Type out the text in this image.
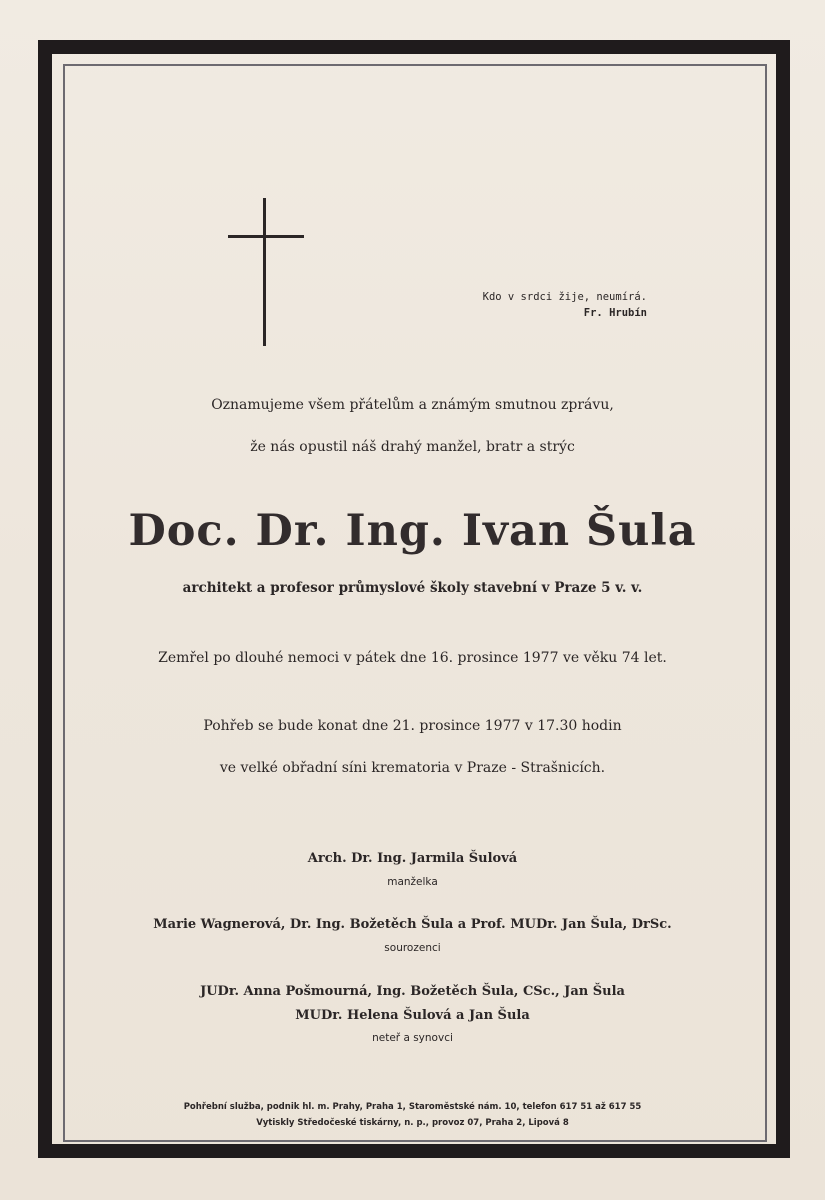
Kdo v srdci žije, neumírá.
Fr. Hrubín
Oznamujeme všem přátelům a známým smutnou zprávu,
že nás opustil náš drahý manžel, bratr a strýc
Doc. Dr. Ing. Ivan Šula
architekt a profesor průmyslové školy stavební v Praze 5 v. v.
Zemřel po dlouhé nemoci v pátek dne 16. prosince 1977 ve věku 74 let.
Pohřeb se bude konat dne 21. prosince 1977 v 17.30 hodin
ve velké obřadní síni krematoria v Praze - Strašnicích.
Arch. Dr. Ing. Jarmila Šulová
manželka
Marie Wagnerová, Dr. Ing. Božetěch Šula a Prof. MUDr. Jan Šula, DrSc.
sourozenci
JUDr. Anna Pošmourná, Ing. Božetěch Šula, CSc., Jan Šula
MUDr. Helena Šulová a Jan Šula
neteř a synovci
Pohřební služba, podnik hl. m. Prahy, Praha 1, Staroměstské nám. 10, telefon 617 51 až 617 55
Vytiskly Středočeské tiskárny, n. p., provoz 07, Praha 2, Lipová 8
